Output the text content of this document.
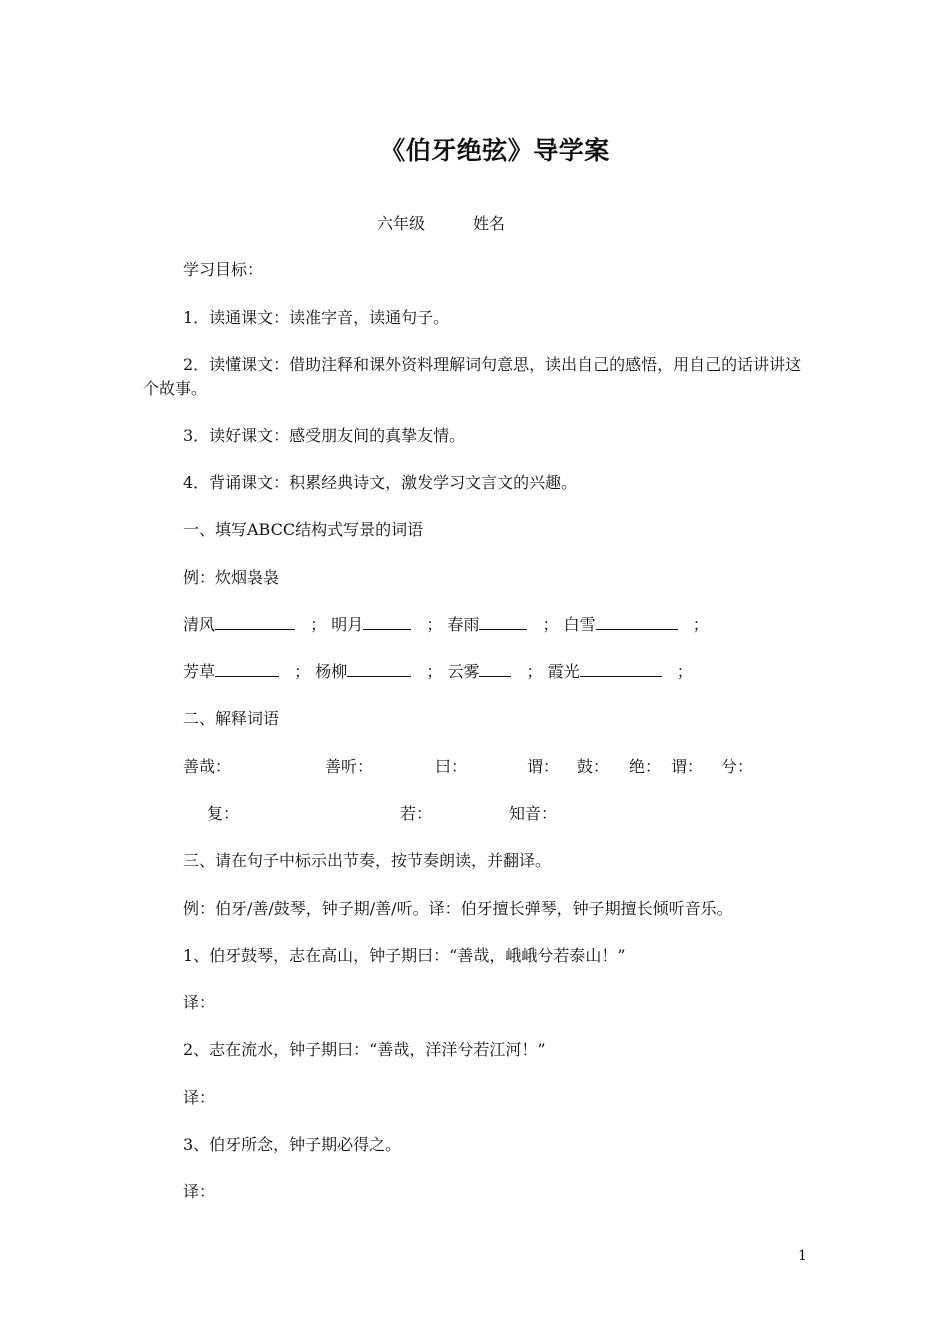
《伯牙绝弦》导学案
六年级	姓名
学习目标：
1．读通课文：读准字音，读通句子。
2．读懂课文：借助注释和课外资料理解词句意思，读出自己的感悟，用自己的话讲讲这个故事。
3．读好课文：感受朋友间的真挚友情。
4．背诵课文：积累经典诗文，激发学习文言文的兴趣。
一、填写ABCC结构式写景的词语
例：炊烟袅袅
清风	； 明月	； 春雨	； 白雪	；
芳草	； 杨柳	； 云雾	； 霞光	；
二、解释词语
善哉：	善听：	曰：	谓： 鼓： 绝： 谓： 兮：
复：	若：	知音：
三、请在句子中标示出节奏，按节奏朗读，并翻译。
例：伯牙/善/鼓琴，钟子期/善/听。译：伯牙擅长弹琴，钟子期擅长倾听音乐。
1、伯牙鼓琴，志在高山，钟子期曰：“善哉，峨峨兮若泰山！”
译：
2、志在流水，钟子期曰：“善哉，洋洋兮若江河！”
译：
3、伯牙所念，钟子期必得之。
译：
1
